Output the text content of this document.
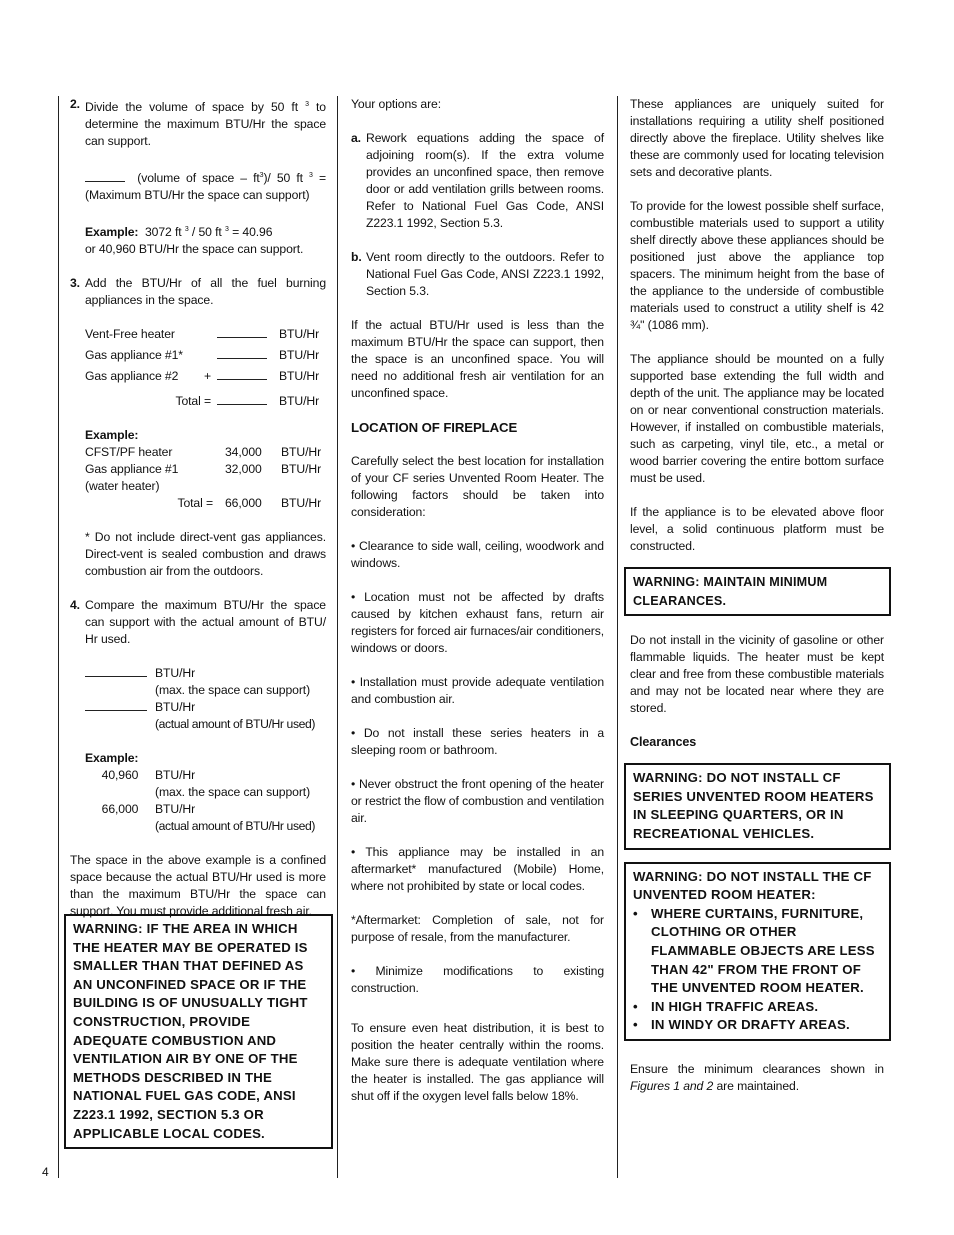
4
2. Divide the volume of space by 50 ft $^3$ to determine the maximum BTU/Hr the space can support.
(volume of space – $ft^3)/$ 50 ft $^3$ = (Maximum BTU/Hr the space can support)
Example: 3072 ft $^3$ / 50 ft $^3$ = 40.96
or 40,960 BTU/Hr the space can support.
3. Add the BTU/Hr of all the fuel burning appliances in the space.
Vent-Free heater			BTU/Hr
Gas appliance #1*			BTU/Hr
Gas appliance #2	+		BTU/Hr
Total =			BTU/Hr
Example:
CFST/PF heater	34,000	BTU/Hr
Gas appliance #1	32,000	BTU/Hr
(water heater)		
Total =	66,000	BTU/Hr

* Do not include direct-vent gas appliances. Direct-vent is sealed combustion and draws combustion air from the outdoors.

4. Compare the maximum BTU/Hr the space can support with the actual amount of BTU/ Hr used.
	BTU/Hr
	(max. the space can support)
	BTU/Hr
	(actual amount of BTU/Hr used)
Example:
40,960	BTU/Hr
	(max. the space can support)
66,000	BTU/Hr
	(actual amount of BTU/Hr used)

The space in the above example is a confined space because the actual BTU/Hr used is more than the maximum BTU/Hr the space can support. You must provide additional fresh air.

WARNING: IF THE AREA IN WHICH THE HEATER MAY BE OPERATED IS SMALLER THAN THAT DEFINED AS AN UNCONFINED SPACE OR IF THE BUILDING IS OF UNUSUALLY TIGHT CONSTRUCTION, PROVIDE ADEQUATE COMBUSTION AND VENTILATION AIR BY ONE OF THE METHODS DESCRIBED IN THE NATIONAL FUEL GAS CODE, ANSI Z223.1 1992, SECTION 5.3 OR APPLICABLE LOCAL CODES.

Your options are:

a. Rework equations adding the space of adjoining room(s). If the extra volume provides an unconfined space, then remove door or add ventilation grills between rooms. Refer to National Fuel Gas Code, ANSI Z223.1 1992, Section 5.3.
b. Vent room directly to the outdoors. Refer to National Fuel Gas Code, ANSI Z223.1 1992, Section 5.3.

If the actual BTU/Hr used is less than the maximum BTU/Hr the space can support, then the space is an unconfined space. You will need no additional fresh air ventilation for an unconfined space.

LOCATION OF FIREPLACE

Carefully select the best location for installation of your CF series Unvented Room Heater. The following factors should be taken into consideration:

• Clearance to side wall, ceiling, woodwork and windows.
• Location must not be affected by drafts caused by kitchen exhaust fans, return air registers for forced air furnaces/air conditioners, windows or doors.
• Installation must provide adequate ventilation and combustion air.
• Do not install these series heaters in a sleeping room or bathroom.
• Never obstruct the front opening of the heater or restrict the flow of combustion and ventilation air.
• This appliance may be installed in an aftermarket* manufactured (Mobile) Home, where not prohibited by state or local codes.
*Aftermarket: Completion of sale, not for purpose of resale, from the manufacturer.
• Minimize modifications to existing construction.

To ensure even heat distribution, it is best to position the heater centrally within the rooms. Make sure there is adequate ventilation where the heater is installed. The gas appliance will shut off if the oxygen level falls below 18%.

These appliances are uniquely suited for installations requiring a utility shelf positioned directly above the fireplace. Utility shelves like these are commonly used for locating television sets and decorative plants.

To provide for the lowest possible shelf surface, combustible materials used to support a utility shelf directly above these appliances should be positioned just above the appliance top spacers. The minimum height from the base of the appliance to the underside of combustible materials used to construct a utility shelf is 42 ¾" (1086 mm).

The appliance should be mounted on a fully supported base extending the full width and depth of the unit. The appliance may be located on or near conventional construction materials. However, if installed on combustible materials, such as carpeting, vinyl tile, etc., a metal or wood barrier covering the entire bottom surface must be used.

If the appliance is to be elevated above floor level, a solid continuous platform must be constructed.

WARNING: MAINTAIN MINIMUM CLEARANCES.

Do not install in the vicinity of gasoline or other flammable liquids. The heater must be kept clear and free from these combustible materials and may not be located near where they are stored.

Clearances
WARNING: DO NOT INSTALL CF SERIES UNVENTED ROOM HEATERS IN SLEEPING QUARTERS, OR IN RECREATIONAL VEHICLES.
WARNING: DO NOT INSTALL THE CF UNVENTED ROOM HEATER:
• WHERE CURTAINS, FURNITURE, CLOTHING OR OTHER FLAMMABLE OBJECTS ARE LESS THAN 42" FROM THE FRONT OF THE UNVENTED ROOM HEATER.
• IN HIGH TRAFFIC AREAS.
• IN WINDY OR DRAFTY AREAS.

Ensure the minimum clearances shown in Figures 1 and 2 are maintained.
